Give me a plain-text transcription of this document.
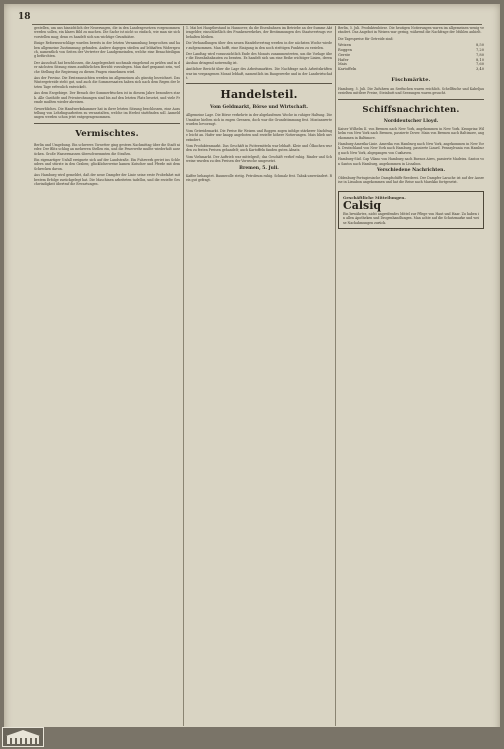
18

gestellen, um uns hinsichtlich der Neuerungen, die in den Landesgesetzen vorgenommen werden sollen, ein klares Bild zu machen. Die Sache ist nicht so einfach, wie man sie sich vorstellen mag; denn es handelt sich um wichtige Grundsätze.

Einige Reformvorschläge wurden bereits in der letzten Versammlung besprochen und haben allgemeine Zustimmung gefunden. Andere dagegen stießen auf lebhaften Widerspruch, namentlich von Seiten der Vertreter der Landgemeinden, welche eine Benachteiligung befürchten.

Der Ausschuß hat beschlossen, die Angelegenheit nochmals eingehend zu prüfen und in der nächsten Sitzung einen ausführlichen Bericht vorzulegen. Man darf gespannt sein, welche Stellung die Regierung zu diesen Fragen einnehmen wird.

Aus der Provinz. Die Ernteaussichten werden im allgemeinen als günstig bezeichnet. Das Wintergetreide steht gut, und auch die Sommersaaten haben sich nach dem Regen der letzten Tage erfreulich entwickelt.

Aus dem Erzgebirge. Der Besuch der Sommerfrischen ist in diesem Jahre besonders stark. Alle Gasthöfe und Privatwohnungen sind bis auf den letzten Platz besetzt, und viele Fremde mußten wieder abreisen.

Gewerbliches. Die Handwerkskammer hat in ihrer letzten Sitzung beschlossen, eine Ausstellung von Lehrlingsarbeiten zu veranstalten, welche im Herbst stattfinden soll. Anmeldungen werden schon jetzt entgegengenommen.

Vermischtes.

Berlin und Umgebung. Ein schweres Unwetter ging gestern Nachmittag über die Stadt nieder. Der Blitz schlug an mehreren Stellen ein, und die Feuerwehr mußte wiederholt ausrücken. Große Wassermassen überschwemmten die Straßen.

Ein eigenartiger Unfall ereignete sich auf der Landstraße. Ein Fuhrwerk geriet ins Schleudern und stürzte in den Graben; glücklicherweise kamen Kutscher und Pferde mit dem Schrecken davon.

Aus Hamburg wird gemeldet, daß der neue Dampfer der Linie seine erste Probefahrt mit bestem Erfolge zurückgelegt hat. Die Maschinen arbeiteten tadellos, und die erzielte Geschwindigkeit übertraf die Erwartungen.

1. Mai bei Hauptbestand in Hannover, da die Eisenbahnen im Betriebe an der Summe Aktiengelder, einschließlich des Frankenverkehrs, der Bestimmungen des Staatsvertrags vorbehalten bleiben.

Die Verhandlungen über den neuen Handelsvertrag werden in der nächsten Woche wieder aufgenommen. Man hofft, eine Einigung in den noch strittigen Punkten zu erzielen.

Der Landtag wird voraussichtlich Ende des Monats zusammentreten, um die Vorlage über die Eisenbahnbauten zu beraten. Es handelt sich um eine Reihe wichtiger Linien, deren Ausbau dringend notwendig ist.

Amtlicher Bericht über die Lage des Arbeitsmarktes. Die Nachfrage nach Arbeitskräften war im vergangenen Monat lebhaft, namentlich im Baugewerbe und in der Landwirtschaft.

Handelsteil.
Vom Geldmarkt, Börse und Wirtschaft.

Allgemeine Lage. Die Börse verkehrte in der abgelaufenen Woche in ruhiger Haltung. Die Umsätze hielten sich in engen Grenzen, doch war die Grundstimmung fest. Montanwerte wurden bevorzugt.

Vom Getreidemarkt. Die Preise für Weizen und Roggen zogen infolge stärkerer Nachfrage leicht an. Hafer war knapp angeboten und erzielte höhere Notierungen. Mais blieb unverändert.

Vom Produktenmarkt. Das Geschäft in Futtermitteln war lebhaft. Kleie und Ölkuchen wurden zu festen Preisen gehandelt; auch Kartoffeln fanden guten Absatz.

Vom Viehmarkt. Der Auftrieb war mittelgroß; das Geschäft verlief ruhig. Rinder und Schweine wurden zu den Preisen der Vorwoche umgesetzt.

Bremen, 5. Juli.

Kaffee behauptet. Baumwolle stetig. Petroleum ruhig. Schmalz fest. Tabak unverändert. Reis gut gefragt.

Berlin, 5. Juli. Produktenbörse. Die heutigen Notierungen waren im allgemeinen wenig verändert. Das Angebot in Weizen war gering, während die Nachfrage der Mühlen anhielt.

Die Tagespreise für Getreide sind:

Weizen	8,50
Roggen	7,20
Gerste	7,80
Hafer	8,10
Mais	7,60
Kartoffeln	3,40
Fischmärkte.

Hamburg, 5. Juli. Die Zufuhren an Seefischen waren reichlich. Schellfische und Kabeljau erzielten mittlere Preise, Steinbutt und Seezungen waren gesucht.

Schiffsnachrichten.
Norddeutscher Lloyd.

Kaiser Wilhelm II. von Bremen nach New York, angekommen in New York. Kronprinz Wilhelm von New York nach Bremen, passierte Dover. Main von Bremen nach Baltimore, angekommen in Baltimore.

Hamburg-Amerika-Linie. Amerika von Hamburg nach New York, angekommen in New York. Deutschland von New York nach Hamburg, passierte Lizard. Pennsylvania von Hamburg nach New York, abgegangen von Cuxhaven.

Hamburg-Süd. Cap Vilano von Hamburg nach Buenos Aires, passierte Madeira. Santos von Santos nach Hamburg, angekommen in Lissabon.

Verschiedene Nachrichten.

Oldenburg-Portugiesische Dampfschiffs-Reederei. Der Dampfer Larache ist auf der Ausreise in Lissabon angekommen und hat die Reise nach Marokko fortgesetzt.

Geschäftliche Mitteilungen.
Calsiq
Ein bewährtes, nicht angreifendes Mittel zur Pflege von Haut und Haar. Zu haben in allen Apotheken und Drogenhandlungen. Man achte auf die Schutzmarke und weise Nachahmungen zurück.
